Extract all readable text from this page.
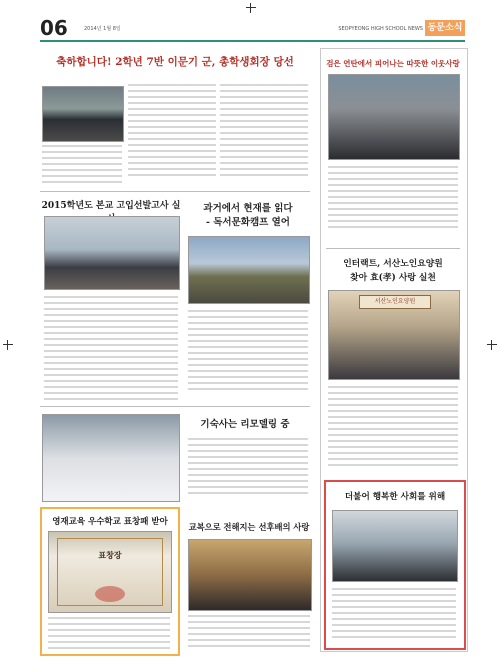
06	2014년 1월 8일	SEOPYEONG HIGH SCHOOL NEWS 동문소식
축하합니다! 2학년 7반 이문기 군, 총학생회장 당선

2015학년도 본교 고입선발고사 실

	과거에서 현재를 읽다
- 독서문화캠프 열어

기숙사는 리모델링 중

영재교육 우수학교 표창패 받아
표창장

교복으로 전해지는 선후배의 사랑

검은 연탄에서 피어나는 따뜻한 이웃사랑

인터랙트, 서산노인요양원
찾아 효(孝) 사랑 실천
서산노인요양원

더불어 행복한 사회를 위해
